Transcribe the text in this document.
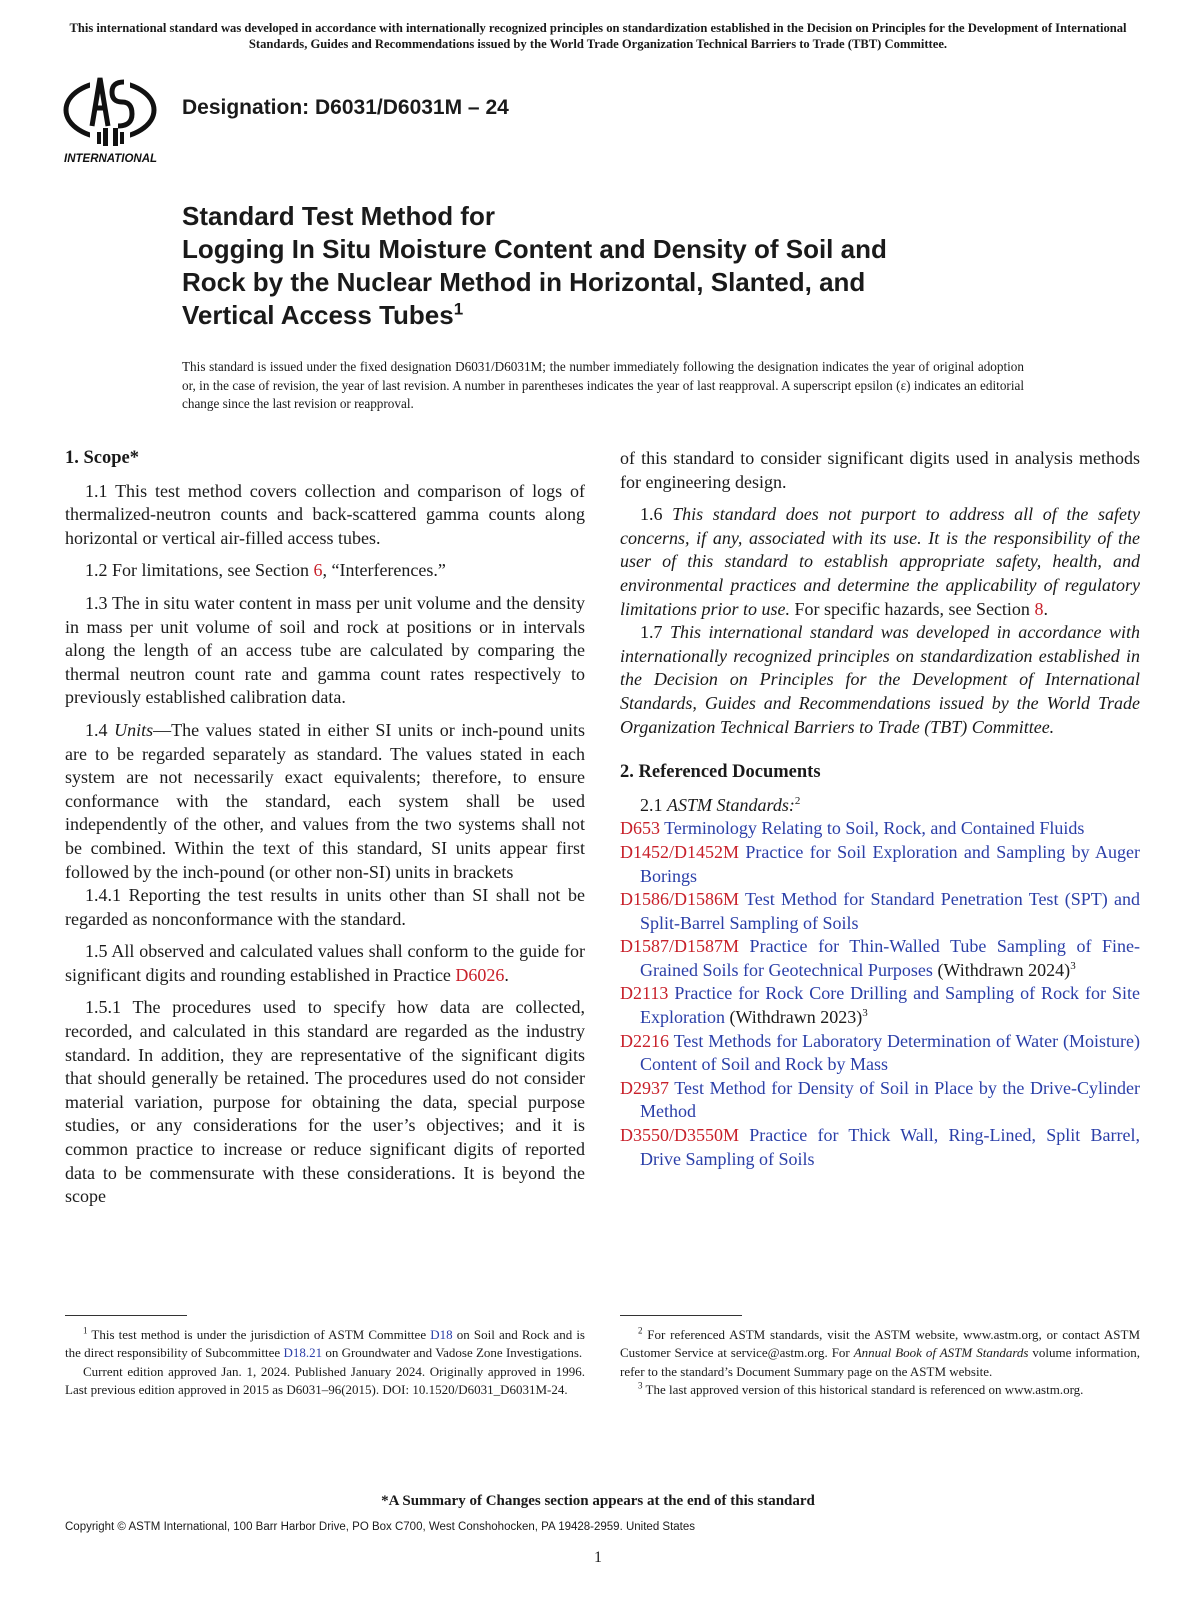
This international standard was developed in accordance with internationally recognized principles on standardization established in the Decision on Principles for the Development of International Standards, Guides and Recommendations issued by the World Trade Organization Technical Barriers to Trade (TBT) Committee.
INTERNATIONAL
Designation: D6031/D6031M – 24
Standard Test Method for
Logging In Situ Moisture Content and Density of Soil and
Rock by the Nuclear Method in Horizontal, Slanted, and
Vertical Access Tubes$^1$
This standard is issued under the fixed designation D6031/D6031M; the number immediately following the designation indicates the year of original adoption or, in the case of revision, the year of last revision. A number in parentheses indicates the year of last reapproval. A superscript epsilon (ε) indicates an editorial change since the last revision or reapproval.

1. Scope*

1.1 This test method covers collection and comparison of logs of thermalized-neutron counts and back-scattered gamma counts along horizontal or vertical air-filled access tubes.

1.2 For limitations, see Section 6, “Interferences.”

1.3 The in situ water content in mass per unit volume and the density in mass per unit volume of soil and rock at positions or in intervals along the length of an access tube are calculated by comparing the thermal neutron count rate and gamma count rates respectively to previously established calibration data.

1.4 Units—The values stated in either SI units or inch-pound units are to be regarded separately as standard. The values stated in each system are not necessarily exact equivalents; therefore, to ensure conformance with the standard, each system shall be used independently of the other, and values from the two systems shall not be combined. Within the text of this standard, SI units appear first followed by the inch-pound (or other non-SI) units in brackets

1.4.1 Reporting the test results in units other than SI shall not be regarded as nonconformance with the standard.

1.5 All observed and calculated values shall conform to the guide for significant digits and rounding established in Practice D6026.

1.5.1 The procedures used to specify how data are collected, recorded, and calculated in this standard are regarded as the industry standard. In addition, they are representative of the significant digits that should generally be retained. The procedures used do not consider material variation, purpose for obtaining the data, special purpose studies, or any considerations for the user’s objectives; and it is common practice to increase or reduce significant digits of reported data to be commensurate with these considerations. It is beyond the scope

of this standard to consider significant digits used in analysis methods for engineering design.

1.6 This standard does not purport to address all of the safety concerns, if any, associated with its use. It is the responsibility of the user of this standard to establish appropriate safety, health, and environmental practices and determine the applicability of regulatory limitations prior to use. For specific hazards, see Section 8.

1.7 This international standard was developed in accordance with internationally recognized principles on standardization established in the Decision on Principles for the Development of International Standards, Guides and Recommendations issued by the World Trade Organization Technical Barriers to Trade (TBT) Committee.

2. Referenced Documents

2.1 ASTM Standards:$^2$

D653 Terminology Relating to Soil, Rock, and Contained Fluids

D1452/D1452M Practice for Soil Exploration and Sampling by Auger Borings

D1586/D1586M Test Method for Standard Penetration Test (SPT) and Split-Barrel Sampling of Soils

D1587/D1587M Practice for Thin-Walled Tube Sampling of Fine-Grained Soils for Geotechnical Purposes (Withdrawn 2024)$^3$

D2113 Practice for Rock Core Drilling and Sampling of Rock for Site Exploration (Withdrawn 2023)$^3$

D2216 Test Methods for Laboratory Determination of Water (Moisture) Content of Soil and Rock by Mass

D2937 Test Method for Density of Soil in Place by the Drive-Cylinder Method

D3550/D3550M Practice for Thick Wall, Ring-Lined, Split Barrel, Drive Sampling of Soils

$^1$ This test method is under the jurisdiction of ASTM Committee D18 on Soil and Rock and is the direct responsibility of Subcommittee D18.21 on Groundwater and Vadose Zone Investigations.

Current edition approved Jan. 1, 2024. Published January 2024. Originally approved in 1996. Last previous edition approved in 2015 as D6031–96(2015). DOI: 10.1520/D6031_D6031M-24.

$^2$ For referenced ASTM standards, visit the ASTM website, www.astm.org, or contact ASTM Customer Service at service@astm.org. For Annual Book of ASTM Standards volume information, refer to the standard’s Document Summary page on the ASTM website.

$^3$ The last approved version of this historical standard is referenced on www.astm.org.

*A Summary of Changes section appears at the end of this standard
Copyright © ASTM International, 100 Barr Harbor Drive, PO Box C700, West Conshohocken, PA 19428-2959. United States
1
